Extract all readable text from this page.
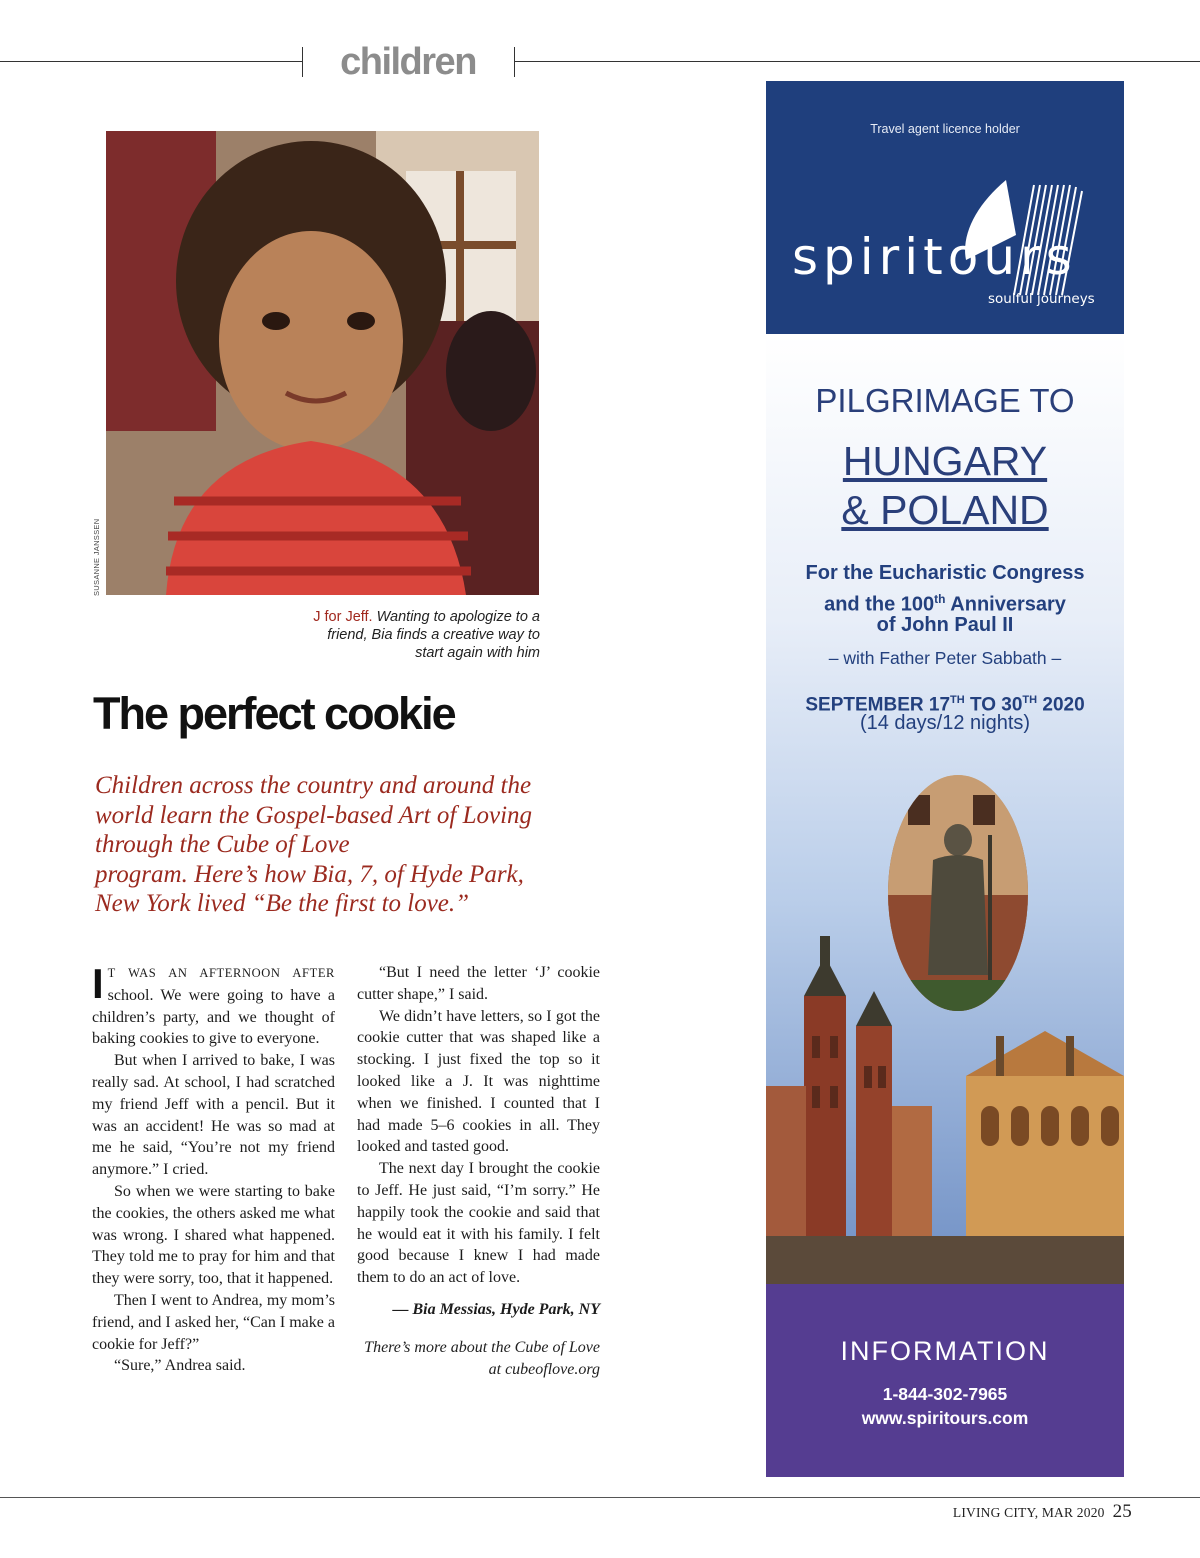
children
SUSANNE JANSSEN
J for Jeff. Wanting to apologize to a friend, Bia finds a creative way to start again with him
The perfect cookie
Children across the country and around the
world learn the Gospel-based Art of Loving
through the Cube of Love
program. Here’s how Bia, 7, of Hyde Park,
New York lived “Be the first to love.”

I T WAS AN AFTERNOON AFTER school. We were going to have a children’s party, and we thought of baking cookies to give to everyone.

But when I arrived to bake, I was really sad. At school, I had scratched my friend Jeff with a pencil. But it was an accident! He was so mad at me he said, “You’re not my friend anymore.” I cried.

So when we were starting to bake the cookies, the others asked me what was wrong. I shared what happened. They told me to pray for him and that they were sorry, too, that it happened.

Then I went to Andrea, my mom’s friend, and I asked her, “Can I make a cookie for Jeff?”

“Sure,” Andrea said.

“But I need the letter ‘J’ cookie cutter shape,” I said.

We didn’t have letters, so I got the cookie cutter that was shaped like a stocking. I just fixed the top so it looked like a J. It was nighttime when we finished. I counted that I had made 5–6 cookies in all. They looked and tasted good.

The next day I brought the cookie to Jeff. He just said, “I’m sorry.” He happily took the cookie and said that he would eat it with his family. I felt good because I knew I had made them to do an act of love.

— Bia Messias, Hyde Park, NY
There’s more about the Cube of Love at cubeoflove.org
Travel agent licence holder
spiritours
soulful journeys
PILGRIMAGE TO
HUNGARY
& POLAND
For the Eucharistic Congress
and the 100th Anniversary
of John Paul II
– with Father Peter Sabbath –
SEPTEMBER 17TH TO 30TH 2020
(14 days/12 nights)
INFORMATION
1-844-302-7965
www.spiritours.com
LIVING CITY, MAR 2020 25
